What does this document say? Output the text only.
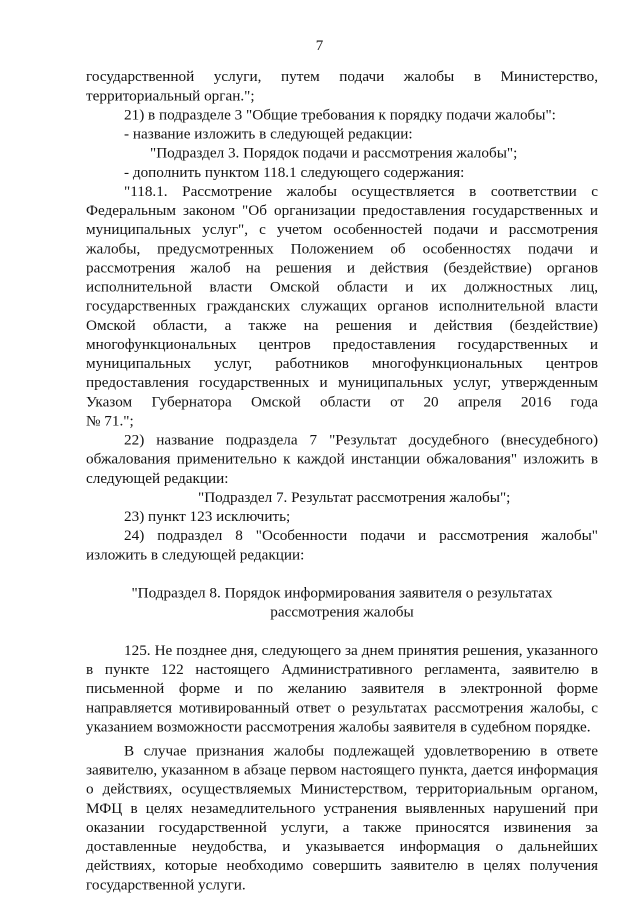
7
государственной услуги, путем подачи жалобы в Министерство,
территориальный орган.";
21) в подразделе 3 "Общие требования к порядку подачи жалобы":
- название изложить в следующей редакции:
"Подраздел 3. Порядок подачи и рассмотрения жалобы";
- дополнить пунктом 118.1 следующего содержания:
"118.1. Рассмотрение жалобы осуществляется в соответствии с
Федеральным законом "Об организации предоставления государственных и
муниципальных услуг", с учетом особенностей подачи и рассмотрения
жалобы, предусмотренных Положением об особенностях подачи и
рассмотрения жалоб на решения и действия (бездействие) органов
исполнительной власти Омской области и их должностных лиц,
государственных гражданских служащих органов исполнительной власти
Омской области, а также на решения и действия (бездействие)
многофункциональных центров предоставления государственных и
муниципальных услуг, работников многофункциональных центров
предоставления государственных и муниципальных услуг, утвержденным
Указом Губернатора Омской области от 20 апреля 2016 года
№ 71.";
22) название подраздела 7 "Результат досудебного (внесудебного)
обжалования применительно к каждой инстанции обжалования" изложить в
следующей редакции:
"Подраздел 7. Результат рассмотрения жалобы";
23) пункт 123 исключить;
24) подраздел 8 "Особенности подачи и рассмотрения жалобы"
изложить в следующей редакции:
"Подраздел 8. Порядок информирования заявителя о результатах
рассмотрения жалобы
125. Не позднее дня, следующего за днем принятия решения, указанного
в пункте 122 настоящего Административного регламента, заявителю в
письменной форме и по желанию заявителя в электронной форме
направляется мотивированный ответ о результатах рассмотрения жалобы, с
указанием возможности рассмотрения жалобы заявителя в судебном порядке.
В случае признания жалобы подлежащей удовлетворению в ответе
заявителю, указанном в абзаце первом настоящего пункта, дается информация
о действиях, осуществляемых Министерством, территориальным органом,
МФЦ в целях незамедлительного устранения выявленных нарушений при
оказании государственной услуги, а также приносятся извинения за
доставленные неудобства, и указывается информация о дальнейших
действиях, которые необходимо совершить заявителю в целях получения
государственной услуги.
